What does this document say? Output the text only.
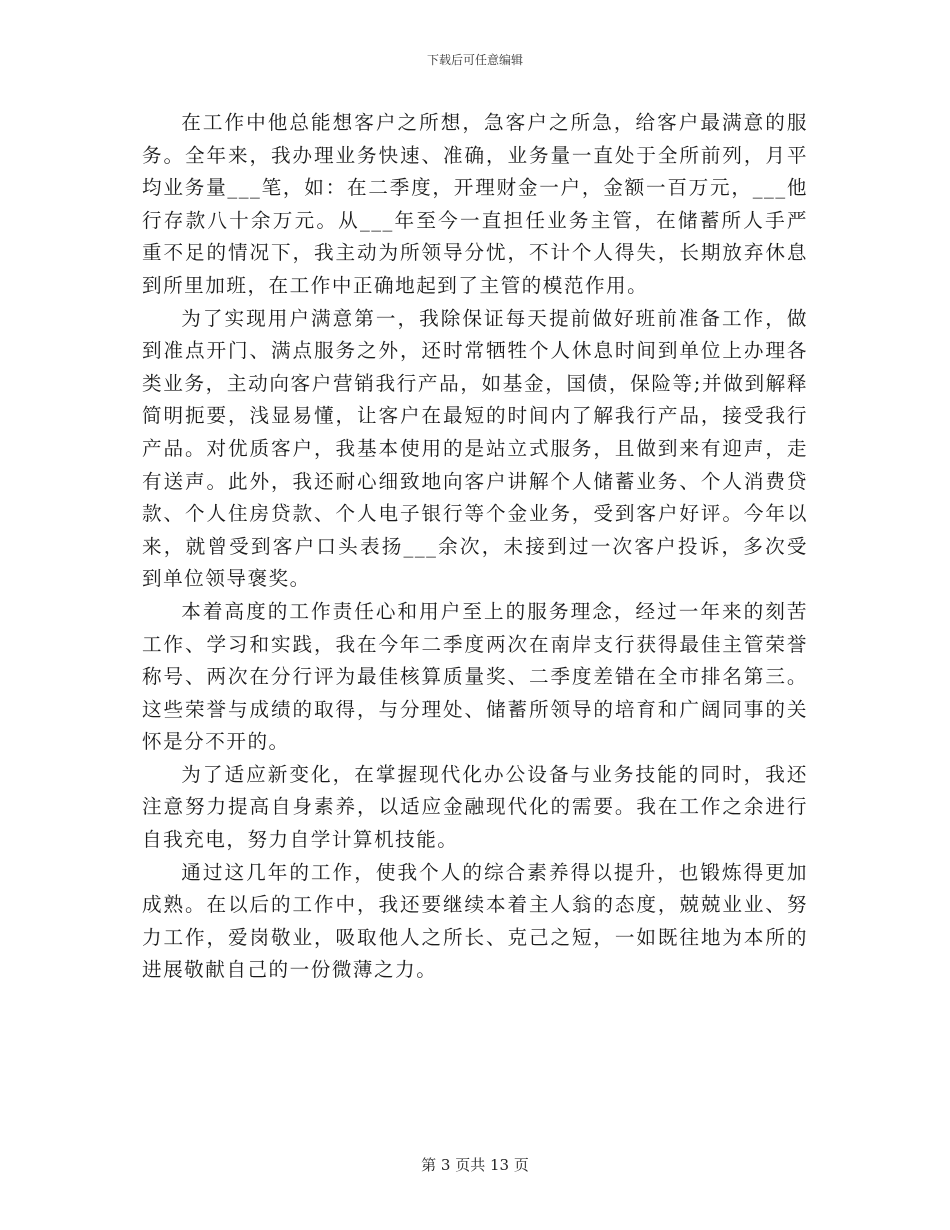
下载后可任意编辑

在工作中他总能想客户之所想，急客户之所急，给客户最满意的服务。全年来，我办理业务快速、准确，业务量一直处于全所前列，月平均业务量___笔，如：在二季度，开理财金一户，金额一百万元，___他行存款八十余万元。从___年至今一直担任业务主管，在储蓄所人手严重不足的情况下，我主动为所领导分忧，不计个人得失，长期放弃休息到所里加班，在工作中正确地起到了主管的模范作用。

为了实现用户满意第一，我除保证每天提前做好班前准备工作，做到准点开门、满点服务之外，还时常牺牲个人休息时间到单位上办理各类业务，主动向客户营销我行产品，如基金，国债，保险等;并做到解释简明扼要，浅显易懂，让客户在最短的时间内了解我行产品，接受我行产品。对优质客户，我基本使用的是站立式服务，且做到来有迎声，走有送声。此外，我还耐心细致地向客户讲解个人储蓄业务、个人消费贷款、个人住房贷款、个人电子银行等个金业务，受到客户好评。今年以来，就曾受到客户口头表扬___余次，未接到过一次客户投诉，多次受到单位领导褒奖。

本着高度的工作责任心和用户至上的服务理念，经过一年来的刻苦工作、学习和实践，我在今年二季度两次在南岸支行获得最佳主管荣誉称号、两次在分行评为最佳核算质量奖、二季度差错在全市排名第三。这些荣誉与成绩的取得，与分理处、储蓄所领导的培育和广阔同事的关怀是分不开的。

为了适应新变化，在掌握现代化办公设备与业务技能的同时，我还注意努力提高自身素养，以适应金融现代化的需要。我在工作之余进行自我充电，努力自学计算机技能。

通过这几年的工作，使我个人的综合素养得以提升，也锻炼得更加成熟。在以后的工作中，我还要继续本着主人翁的态度，兢兢业业、努力工作，爱岗敬业，吸取他人之所长、克己之短，一如既往地为本所的进展敬献自己的一份微薄之力。

第 3 页共 13 页
